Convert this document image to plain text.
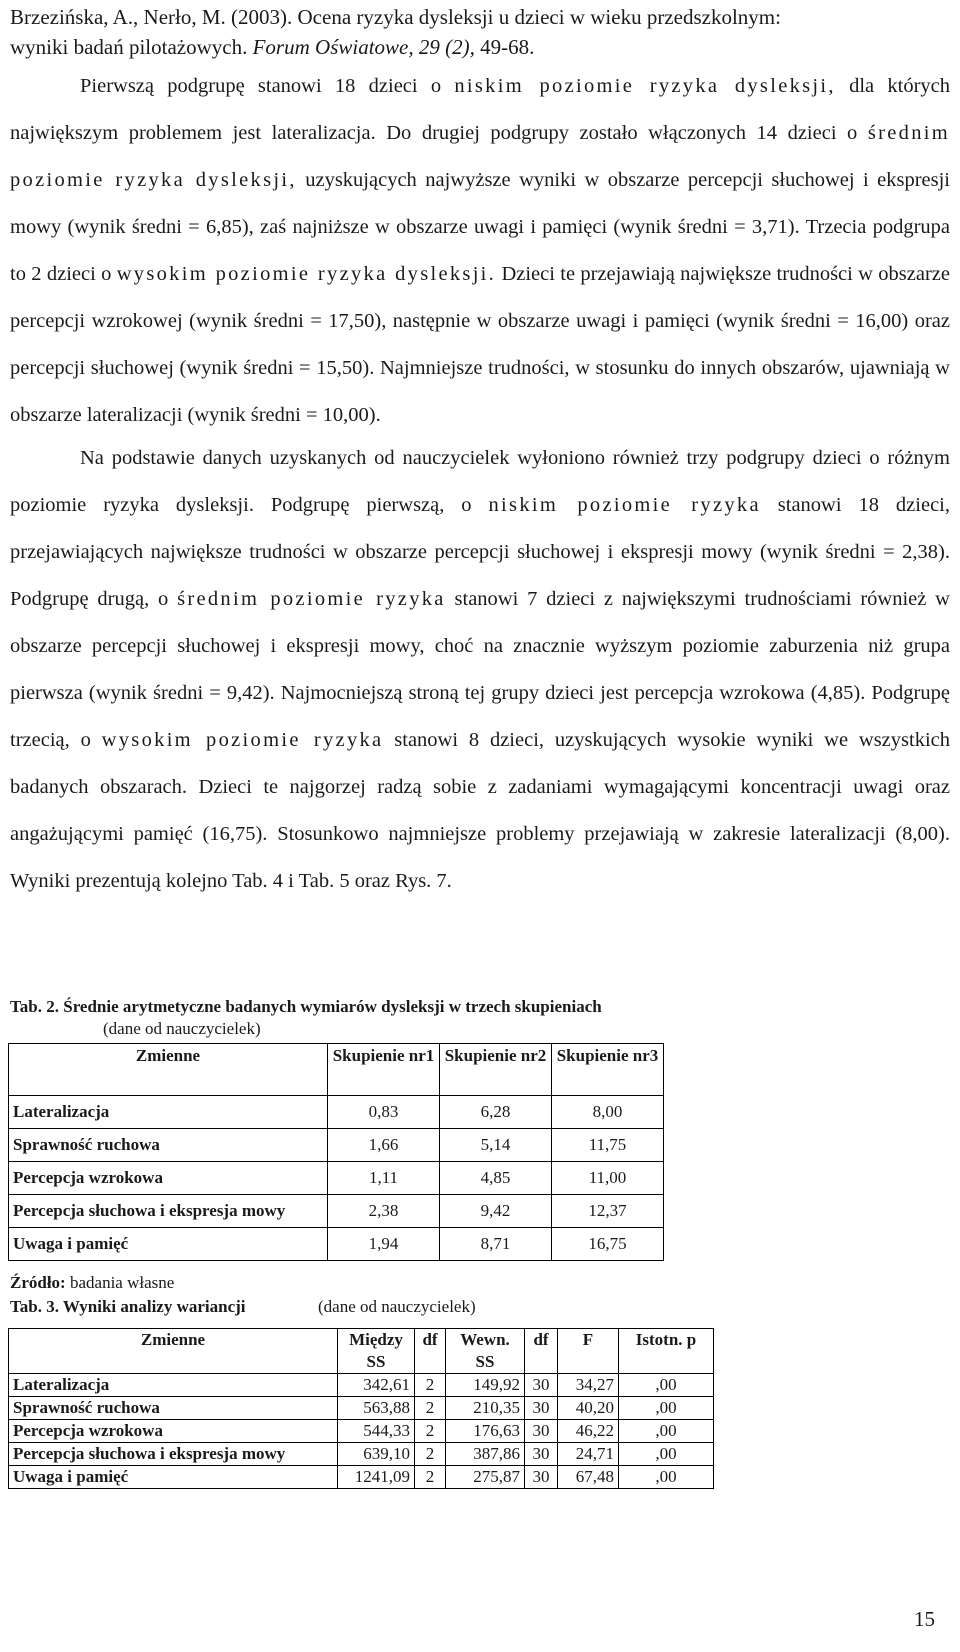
Brzezińska, A., Nerło, M. (2003). Ocena ryzyka dysleksji u dzieci w wieku przedszkolnym:
wyniki badań pilotażowych. Forum Oświatowe, 29 (2), 49-68.

Pierwszą podgrupę stanowi 18 dzieci o niskim poziomie ryzyka dysleksji, dla których największym problemem jest lateralizacja. Do drugiej podgrupy zostało włączonych 14 dzieci o średnim poziomie ryzyka dysleksji, uzyskujących najwyższe wyniki w obszarze percepcji słuchowej i ekspresji mowy (wynik średni = 6,85), zaś najniższe w obszarze uwagi i pamięci (wynik średni = 3,71). Trzecia podgrupa to 2 dzieci o wysokim poziomie ryzyka dysleksji. Dzieci te przejawiają największe trudności w obszarze percepcji wzrokowej (wynik średni = 17,50), następnie w obszarze uwagi i pamięci (wynik średni = 16,00) oraz percepcji słuchowej (wynik średni = 15,50). Najmniejsze trudności, w stosunku do innych obszarów, ujawniają w obszarze lateralizacji (wynik średni = 10,00).

Na podstawie danych uzyskanych od nauczycielek wyłoniono również trzy podgrupy dzieci o różnym poziomie ryzyka dysleksji. Podgrupę pierwszą, o niskim poziomie ryzyka stanowi 18 dzieci, przejawiających największe trudności w obszarze percepcji słuchowej i ekspresji mowy (wynik średni = 2,38). Podgrupę drugą, o średnim poziomie ryzyka stanowi 7 dzieci z największymi trudnościami również w obszarze percepcji słuchowej i ekspresji mowy, choć na znacznie wyższym poziomie zaburzenia niż grupa pierwsza (wynik średni = 9,42). Najmocniejszą stroną tej grupy dzieci jest percepcja wzrokowa (4,85). Podgrupę trzecią, o wysokim poziomie ryzyka stanowi 8 dzieci, uzyskujących wysokie wyniki we wszystkich badanych obszarach. Dzieci te najgorzej radzą sobie z zadaniami wymagającymi koncentracji uwagi oraz angażującymi pamięć (16,75). Stosunkowo najmniejsze problemy przejawiają w zakresie lateralizacji (8,00). Wyniki prezentują kolejno Tab. 4 i Tab. 5 oraz Rys. 7.

Tab. 2. Średnie arytmetyczne badanych wymiarów dysleksji w trzech skupieniach
(dane od nauczycielek)
Zmienne	Skupienie nr1	Skupienie nr2	Skupienie nr3
Lateralizacja	0,83	6,28	8,00
Sprawność ruchowa	1,66	5,14	11,75
Percepcja wzrokowa	1,11	4,85	11,00
Percepcja słuchowa i ekspresja mowy	2,38	9,42	12,37
Uwaga i pamięć	1,94	8,71	16,75
Źródło: badania własne
Tab. 3. Wyniki analizy wariancji	(dane od nauczycielek)
Zmienne	Między SS	df	Wewn. SS	df	F	Istotn. p
Lateralizacja	342,61	2	149,92	30	34,27	,00
Sprawność ruchowa	563,88	2	210,35	30	40,20	,00
Percepcja wzrokowa	544,33	2	176,63	30	46,22	,00
Percepcja słuchowa i ekspresja mowy	639,10	2	387,86	30	24,71	,00
Uwaga i pamięć	1241,09	2	275,87	30	67,48	,00
15
